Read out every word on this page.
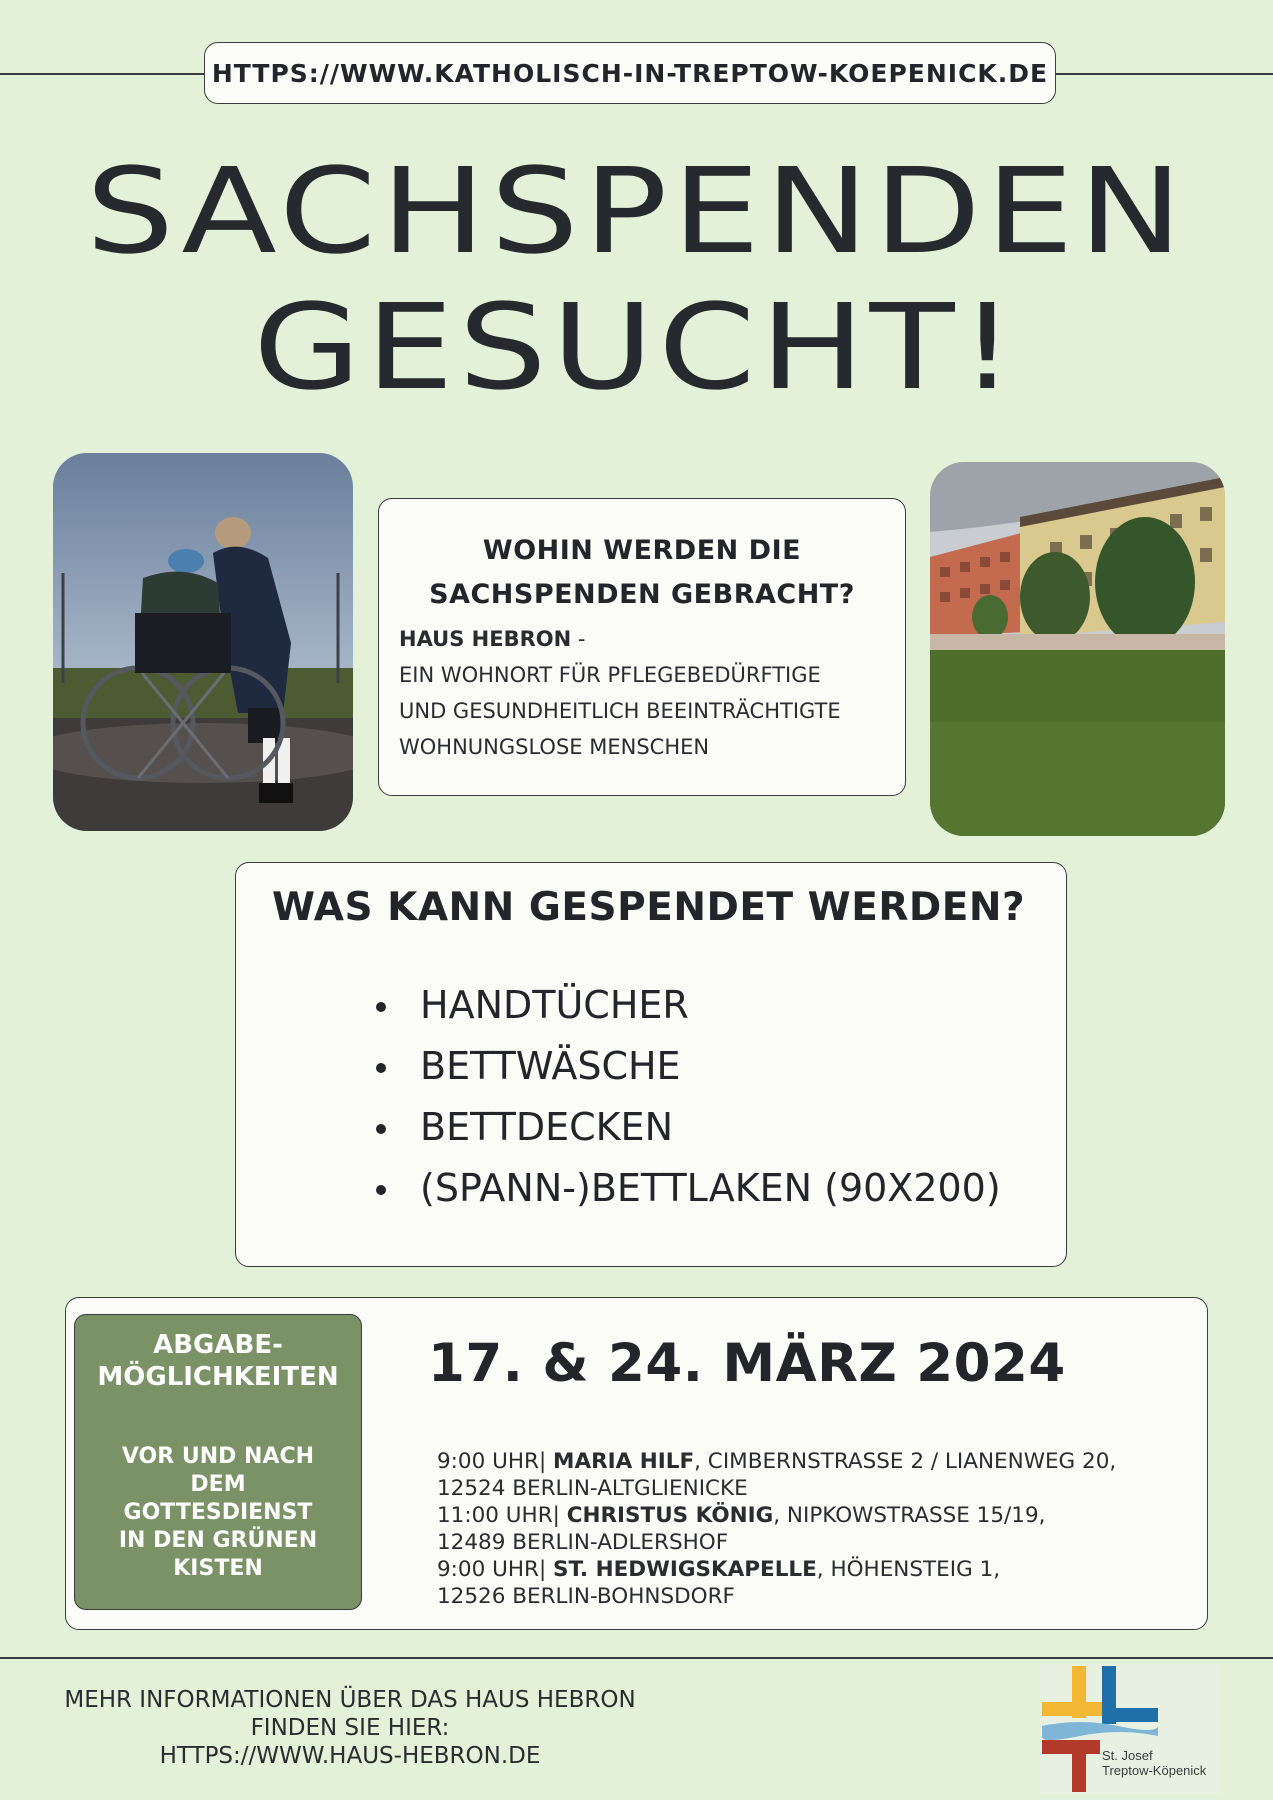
HTTPS://WWW.KATHOLISCH-IN-TREPTOW-KOEPENICK.DE
SACHSPENDEN
GESUCHT!
WOHIN WERDEN DIE
SACHSPENDEN GEBRACHT?
HAUS HEBRON -
EIN WOHNORT FÜR PFLEGEBEDÜRFTIGE
UND GESUNDHEITLICH BEEINTRÄCHTIGTE
WOHNUNGSLOSE MENSCHEN
WAS KANN GESPENDET WERDEN?
HANDTÜCHER
BETTWÄSCHE
BETTDECKEN
(SPANN-)BETTLAKEN (90X200)
ABGABE-
MÖGLICHKEITEN
VOR UND NACH
DEM
GOTTESDIENST
IN DEN GRÜNEN
KISTEN
17. & 24. MÄRZ 2024
9:00 UHR| MARIA HILF, CIMBERNSTRASSE 2 / LIANENWEG 20,
12524 BERLIN-ALTGLIENICKE
11:00 UHR| CHRISTUS KÖNIG, NIPKOWSTRASSE 15/19,
12489 BERLIN-ADLERSHOF
9:00 UHR| ST. HEDWIGSKAPELLE, HÖHENSTEIG 1,
12526 BERLIN-BOHNSDORF
MEHR INFORMATIONEN ÜBER DAS HAUS HEBRON
FINDEN SIE HIER:
HTTPS://WWW.HAUS-HEBRON.DE	St. Josef
Treptow-Köpenick
